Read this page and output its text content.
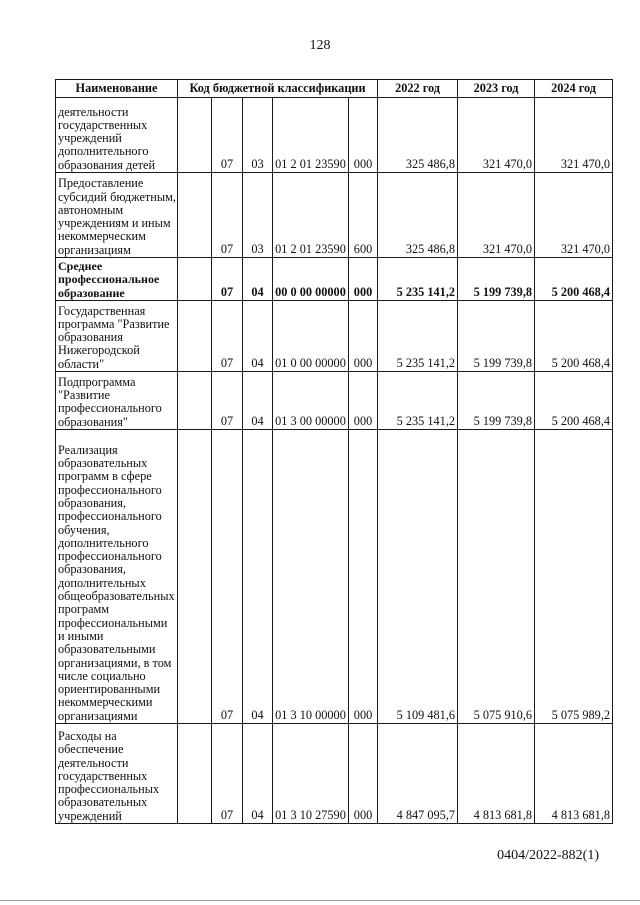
128
Наименование	Код бюджетной классификации					2022 год	2023 год	2024 год
деятельности государственных учреждений дополнительного образования детей		07	03	01 2 01 23590	000	325 486,8	321 470,0	321 470,0
Предоставление субсидий бюджетным, автономным учреждениям и иным некоммерческим организациям		07	03	01 2 01 23590	600	325 486,8	321 470,0	321 470,0
Среднее профессиональное образование		07	04	00 0 00 00000	000	5 235 141,2	5 199 739,8	5 200 468,4
Государственная программа "Развитие образования Нижегородской области"		07	04	01 0 00 00000	000	5 235 141,2	5 199 739,8	5 200 468,4
Подпрограмма "Развитие профессионального образования"		07	04	01 3 00 00000	000	5 235 141,2	5 199 739,8	5 200 468,4
Реализация образовательных программ в сфере профессионального образования, профессионального обучения, дополнительного профессионального образования, дополнительных общеобразовательных программ профессиональными и иными образовательными организациями, в том числе социально ориентированными некоммерческими организациями		07	04	01 3 10 00000	000	5 109 481,6	5 075 910,6	5 075 989,2
Расходы на обеспечение деятельности государственных профессиональных образовательных учреждений		07	04	01 3 10 27590	000	4 847 095,7	4 813 681,8	4 813 681,8
0404/2022-882(1)
